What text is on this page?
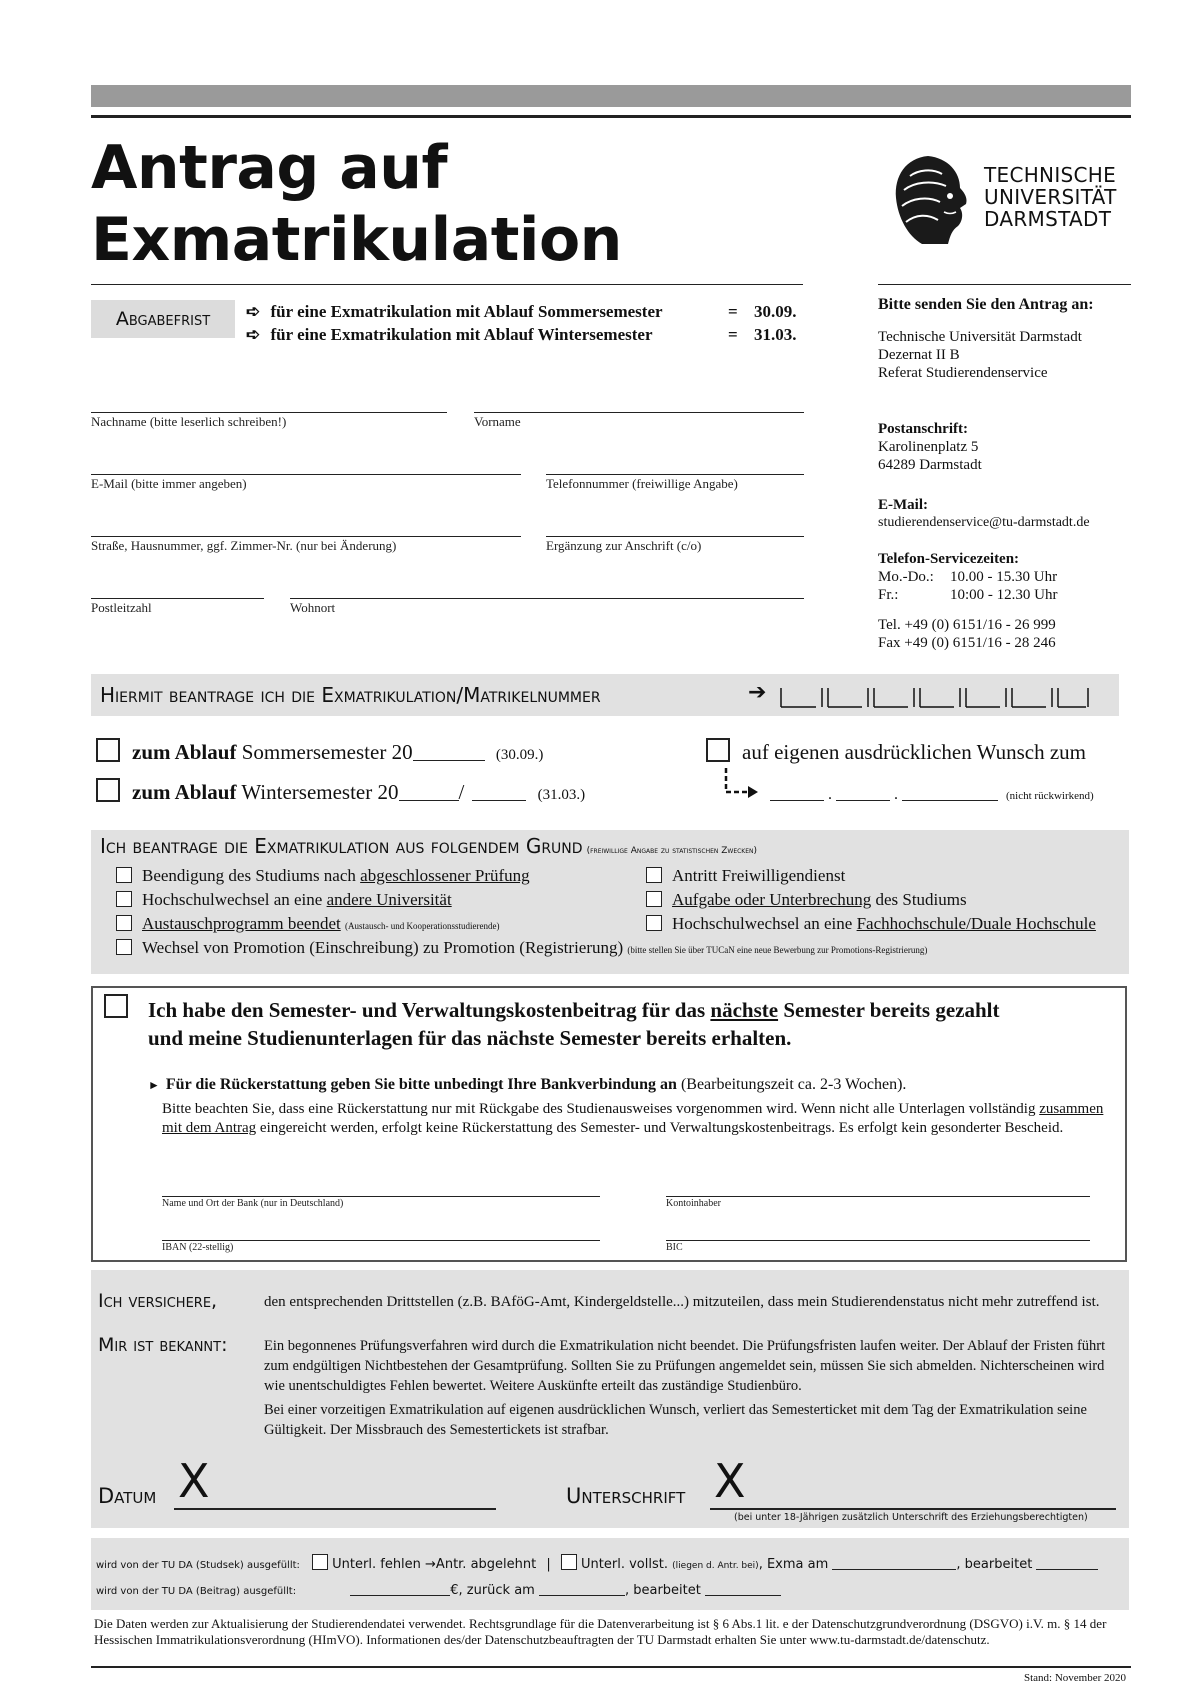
Antrag auf
Exmatrikulation
TECHNISCHE
UNIVERSITÄT
DARMSTADT
Abgabefrist	➪ für eine Exmatrikulation mit Ablauf Sommersemester	= 30.09.
➪ für eine Exmatrikulation mit Ablauf Wintersemester	= 31.03.
Bitte senden Sie den Antrag an:
Technische Universität Darmstadt
Dezernat II B
Referat Studierendenservice
Postanschrift:
Karolinenplatz 5
64289 Darmstadt
E-Mail:
studierendenservice@tu-darmstadt.de
Telefon-Servicezeiten:
Mo.-Do.: 10.00 - 15.30 Uhr
Fr.:	10:00 - 12.30 Uhr
Tel. +49 (0) 6151/16 - 26 999
Fax +49 (0) 6151/16 - 28 246
Nachname (bitte leserlich schreiben!)	Vorname
E-Mail (bitte immer angeben)	Telefonnummer (freiwillige Angabe)
Straße, Hausnummer, ggf. Zimmer-Nr. (nur bei Änderung)	Ergänzung zur Anschrift (c/o)
Postleitzahl	Wohnort
Hiermit beantrage ich die Exmatrikulation/Matrikelnummer	➔
zum Ablauf Sommersemester 20	(30.09.)
zum Ablauf Wintersemester 20	/	(31.03.)
auf eigenen ausdrücklichen Wunsch zum
.	.	(nicht rückwirkend)
Ich beantrage die Exmatrikulation aus folgendem Grund (freiwillige Angabe zu statistischen Zwecken)
Beendigung des Studiums nach abgeschlossener Prüfung
Hochschulwechsel an eine andere Universität
Austauschprogramm beendet (Austausch- und Kooperationsstudierende)
Wechsel von Promotion (Einschreibung) zu Promotion (Registrierung) (bitte stellen Sie über TUCaN eine neue Bewerbung zur Promotions-Registrierung)
Antritt Freiwilligendienst
Aufgabe oder Unterbrechung des Studiums
Hochschulwechsel an eine Fachhochschule/Duale Hochschule
Ich habe den Semester- und Verwaltungskostenbeitrag für das nächste Semester bereits gezahlt
und meine Studienunterlagen für das nächste Semester bereits erhalten.
► Für die Rückerstattung geben Sie bitte unbedingt Ihre Bankverbindung an (Bearbeitungszeit ca. 2-3 Wochen).

Bitte beachten Sie, dass eine Rückerstattung nur mit Rückgabe des Studienausweises vorgenommen wird. Wenn nicht alle Unterlagen vollständig zusammen mit dem Antrag eingereicht werden, erfolgt keine Rückerstattung des Semester- und Verwaltungskostenbeitrags. Es erfolgt kein gesonderter Bescheid.

Name und Ort der Bank (nur in Deutschland)	Kontoinhaber
IBAN (22-stellig)	BIC
Ich versichere,	den entsprechenden Drittstellen (z.B. BAföG-Amt, Kindergeldstelle...) mitzuteilen, dass mein Studierendenstatus nicht mehr zutreffend ist.

Mir ist bekannt:	Ein begonnenes Prüfungsverfahren wird durch die Exmatrikulation nicht beendet. Die Prüfungsfristen laufen weiter. Der Ablauf der Fristen führt zum endgültigen Nichtbestehen der Gesamtprüfung. Sollten Sie zu Prüfungen angemeldet sein, müssen Sie sich abmelden. Nichterscheinen wird wie unentschuldigtes Fehlen bewertet. Weitere Auskünfte erteilt das zuständige Studienbüro.

Bei einer vorzeitigen Exmatrikulation auf eigenen ausdrücklichen Wunsch, verliert das Semesterticket mit dem Tag der Exmatrikulation seine Gültigkeit. Der Missbrauch des Semestertickets ist strafbar.

Datum X	Unterschrift X
(bei unter 18-Jährigen zusätzlich Unterschrift des Erziehungsberechtigten)
wird von der TU DA (Studsek) ausgefüllt: Unterl. fehlen →Antr. abgelehnt | Unterl. vollst. (liegen d. Antr. bei), Exma am	, bearbeitet
wird von der TU DA (Beitrag) ausgefüllt:	€, zurück am	, bearbeitet

Die Daten werden zur Aktualisierung der Studierendendatei verwendet. Rechtsgrundlage für die Datenverarbeitung ist § 6 Abs.1 lit. e der Datenschutzgrundverordnung (DSGVO) i.V. m. § 14 der Hessischen Immatrikulationsverordnung (HImVO). Informationen des/der Datenschutzbeauftragten der TU Darmstadt erhalten Sie unter www.tu-darmstadt.de/datenschutz.

Stand: November 2020
